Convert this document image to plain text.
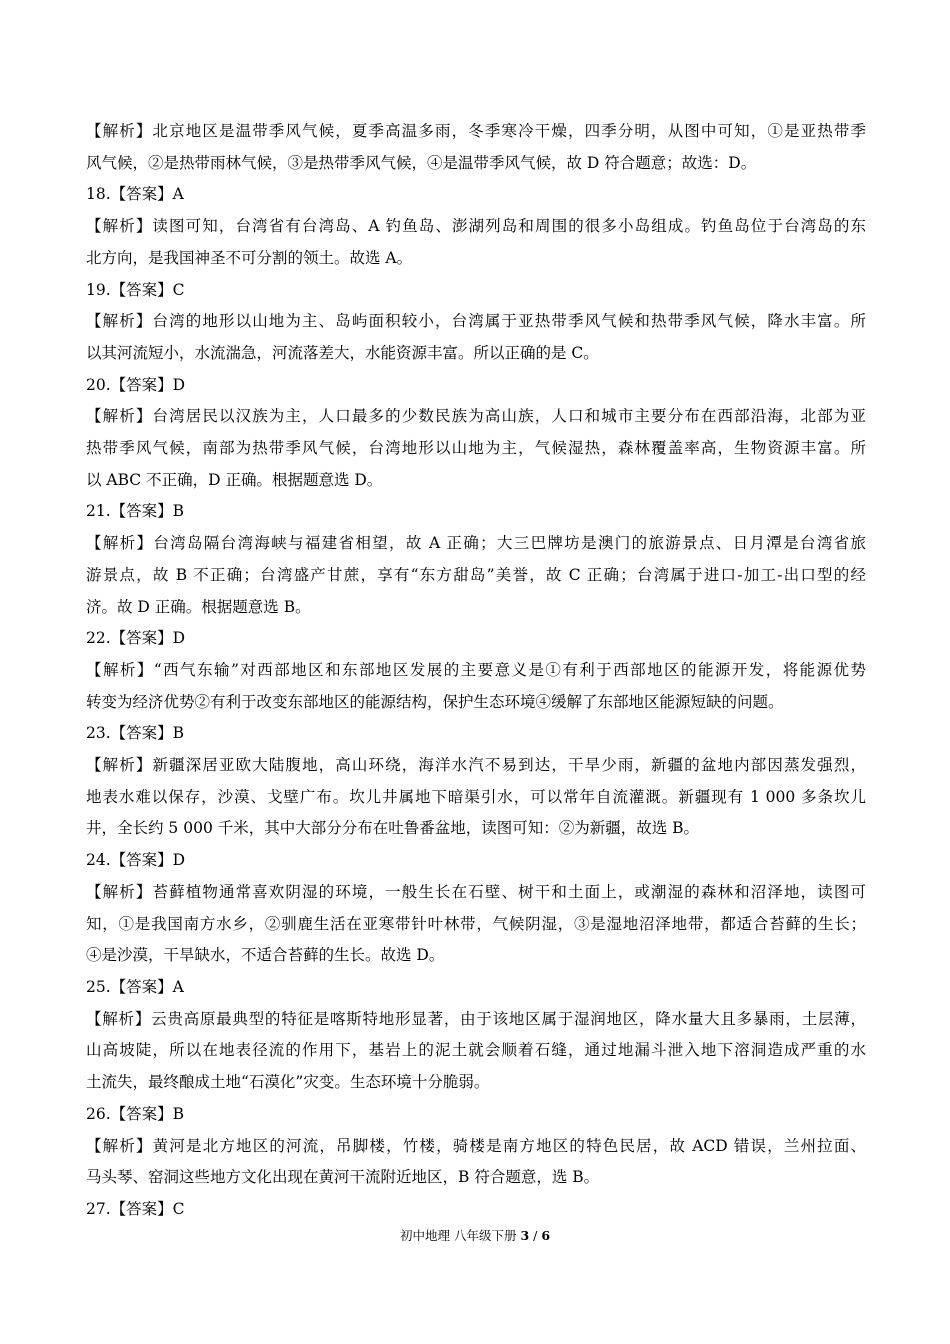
【解析】北京地区是温带季风气候，夏季高温多雨，冬季寒冷干燥，四季分明，从图中可知，①是亚热带季
风气候，②是热带雨林气候，③是热带季风气候，④是温带季风气候，故 D 符合题意；故选：D。
18.【答案】A
【解析】读图可知，台湾省有台湾岛、A 钓鱼岛、澎湖列岛和周围的很多小岛组成。钓鱼岛位于台湾岛的东
北方向，是我国神圣不可分割的领土。故选 A。
19.【答案】C
【解析】台湾的地形以山地为主、岛屿面积较小，台湾属于亚热带季风气候和热带季风气候，降水丰富。所
以其河流短小，水流湍急，河流落差大，水能资源丰富。所以正确的是 C。
20.【答案】D
【解析】台湾居民以汉族为主，人口最多的少数民族为高山族，人口和城市主要分布在西部沿海，北部为亚
热带季风气候，南部为热带季风气候，台湾地形以山地为主，气候湿热，森林覆盖率高，生物资源丰富。所
以 ABC 不正确，D 正确。根据题意选 D。
21.【答案】B
【解析】台湾岛隔台湾海峡与福建省相望，故 A 正确；大三巴牌坊是澳门的旅游景点、日月潭是台湾省旅
游景点，故 B 不正确；台湾盛产甘蔗，享有“东方甜岛”美誉，故 C 正确；台湾属于进口-加工-出口型的经
济。故 D 正确。根据题意选 B。
22.【答案】D
【解析】“西气东输”对西部地区和东部地区发展的主要意义是①有利于西部地区的能源开发，将能源优势
转变为经济优势②有利于改变东部地区的能源结构，保护生态环境④缓解了东部地区能源短缺的问题。
23.【答案】B
【解析】新疆深居亚欧大陆腹地，高山环绕，海洋水汽不易到达，干旱少雨，新疆的盆地内部因蒸发强烈，
地表水难以保存，沙漠、戈壁广布。坎儿井属地下暗渠引水，可以常年自流灌溉。新疆现有 1 000 多条坎儿
井，全长约 5 000 千米，其中大部分分布在吐鲁番盆地，读图可知：②为新疆，故选 B。
24.【答案】D
【解析】苔藓植物通常喜欢阴湿的环境，一般生长在石壁、树干和土面上，或潮湿的森林和沼泽地，读图可
知，①是我国南方水乡，②驯鹿生活在亚寒带针叶林带，气候阴湿，③是湿地沼泽地带，都适合苔藓的生长；
④是沙漠，干旱缺水，不适合苔藓的生长。故选 D。
25.【答案】A
【解析】云贵高原最典型的特征是喀斯特地形显著，由于该地区属于湿润地区，降水量大且多暴雨，土层薄，
山高坡陡，所以在地表径流的作用下，基岩上的泥土就会顺着石缝，通过地漏斗泄入地下溶洞造成严重的水
土流失，最终酿成土地“石漠化”灾变。生态环境十分脆弱。
26.【答案】B
【解析】黄河是北方地区的河流，吊脚楼，竹楼，骑楼是南方地区的特色民居，故 ACD 错误，兰州拉面、
马头琴、窑洞这些地方文化出现在黄河干流附近地区，B 符合题意，选 B。
27.【答案】C
初中地理 八年级下册 3 / 6
